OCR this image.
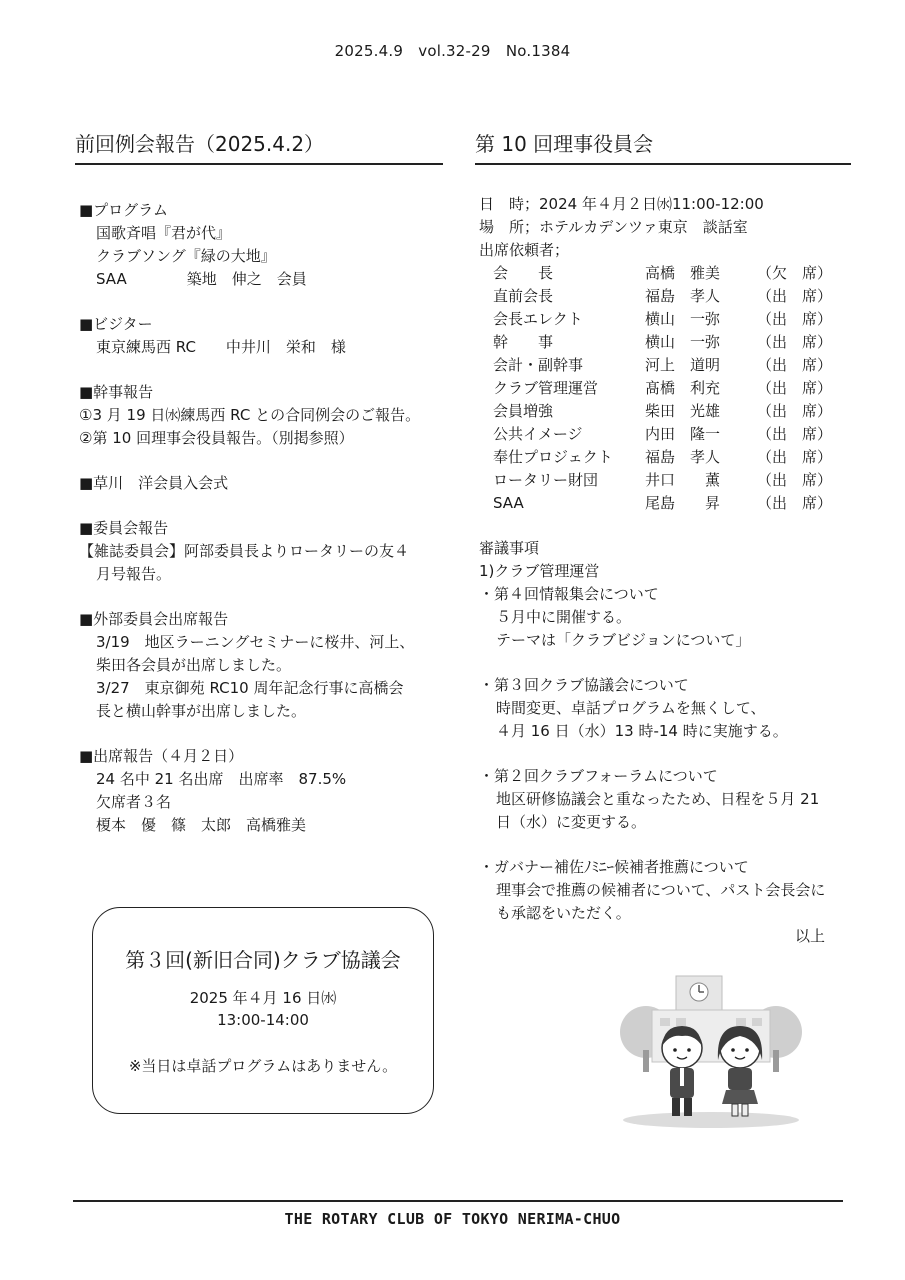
2025.4.9　vol.32-29　No.1384
前回例会報告（2025.4.2）
■プログラム
国歌斉唱『君が代』
クラブソング『緑の大地』
SAA　　　　築地　伸之　会員
■ビジター
東京練馬西 RC　　中井川　栄和　様
■幹事報告
①3 月 19 日㈬練馬西 RC との合同例会のご報告。
②第 10 回理事会役員報告。（別掲参照）
■草川　洋会員入会式
■委員会報告
【雑誌委員会】阿部委員長よりロータリーの友４
月号報告。
■外部委員会出席報告
3/19　地区ラーニングセミナーに桜井、河上、
柴田各会員が出席しました。
3/27　東京御苑 RC10 周年記念行事に高橋会
長と横山幹事が出席しました。
■出席報告（４月２日）
24 名中 21 名出席　出席率　87.5%
欠席者３名
榎本　優　篠　太郎　高橋雅美
第３回(新旧合同)クラブ協議会
2025 年４月 16 日㈬
13:00-14:00
※当日は卓話プログラムはありません。
第 10 回理事役員会
日　時；2024 年４月２日㈬11:00-12:00
場　所；ホテルカデンツァ東京　談話室
出席依頼者；
会　　長	高橋　雅美	（欠　席）
直前会長	福島　孝人	（出　席）
会長エレクト	横山　一弥	（出　席）
幹　　事	横山　一弥	（出　席）
会計・副幹事	河上　道明	（出　席）
クラブ管理運営	髙橋　利充	（出　席）
会員増強	柴田　光雄	（出　席）
公共イメージ	内田　隆一	（出　席）
奉仕プロジェクト	福島　孝人	（出　席）
ロータリー財団	井口　　薫	（出　席）
SAA	尾島　　昇	（出　席）
審議事項
1)クラブ管理運営
・第４回情報集会について
５月中に開催する。
テーマは「クラブビジョンについて」
・第３回クラブ協議会について
時間変更、卓話プログラムを無くして、
４月 16 日（水）13 時-14 時に実施する。
・第２回クラブフォーラムについて
地区研修協議会と重なったため、日程を５月 21
日（水）に変更する。
・ガバナー補佐ﾉﾐﾆｰ候補者推薦について
理事会で推薦の候補者について、パスト会長会に
も承認をいただく。
以上
THE ROTARY CLUB OF TOKYO NERIMA-CHUO
